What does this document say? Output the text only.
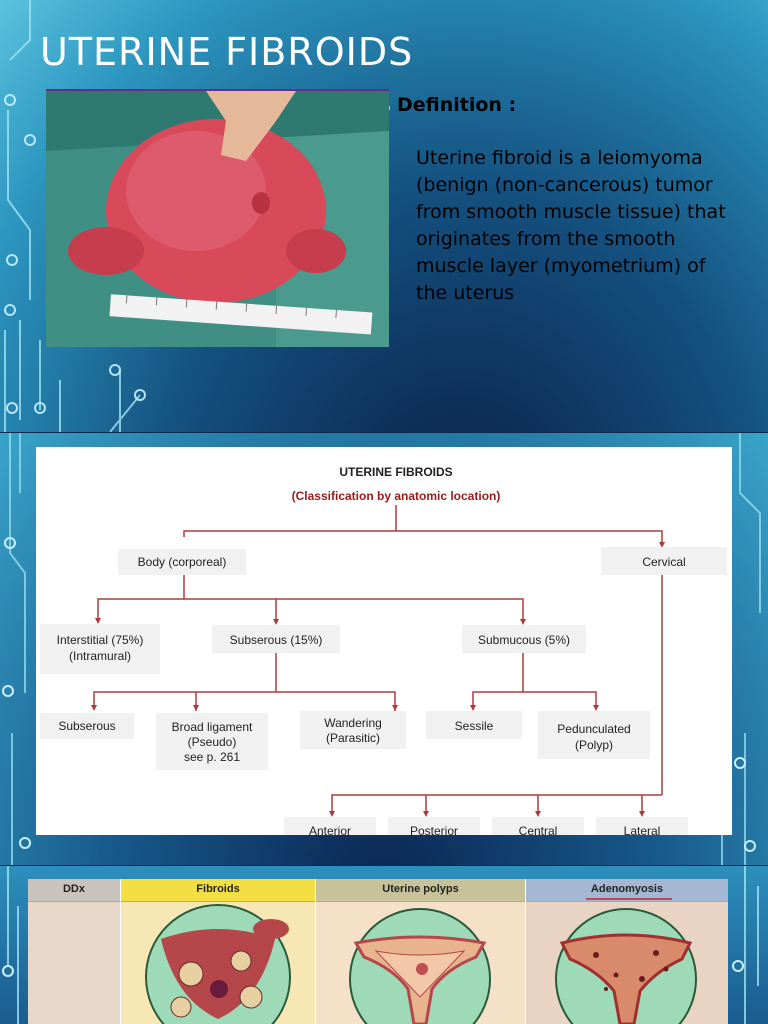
UTERINE FIBROIDS
Definition :
Uterine fibroid is a leiomyoma (benign (non-cancerous) tumor from smooth muscle tissue) that originates from the smooth muscle layer (myometrium) of the uterus
UTERINE FIBROIDS
(Classification by anatomic location)
Body (corporeal)	Cervical
Interstitial (75%)
(Intramural)
Subserous (15%)	Submucous (5%)
Subserous	Broad ligament
(Pseudo)
see p. 261
Wandering
(Parasitic)
Sessile	Pedunculated
(Polyp)
Anterior	Posterior	Central	Lateral
DDx	Fibroids	Uterine polyps	Adenomyosis
